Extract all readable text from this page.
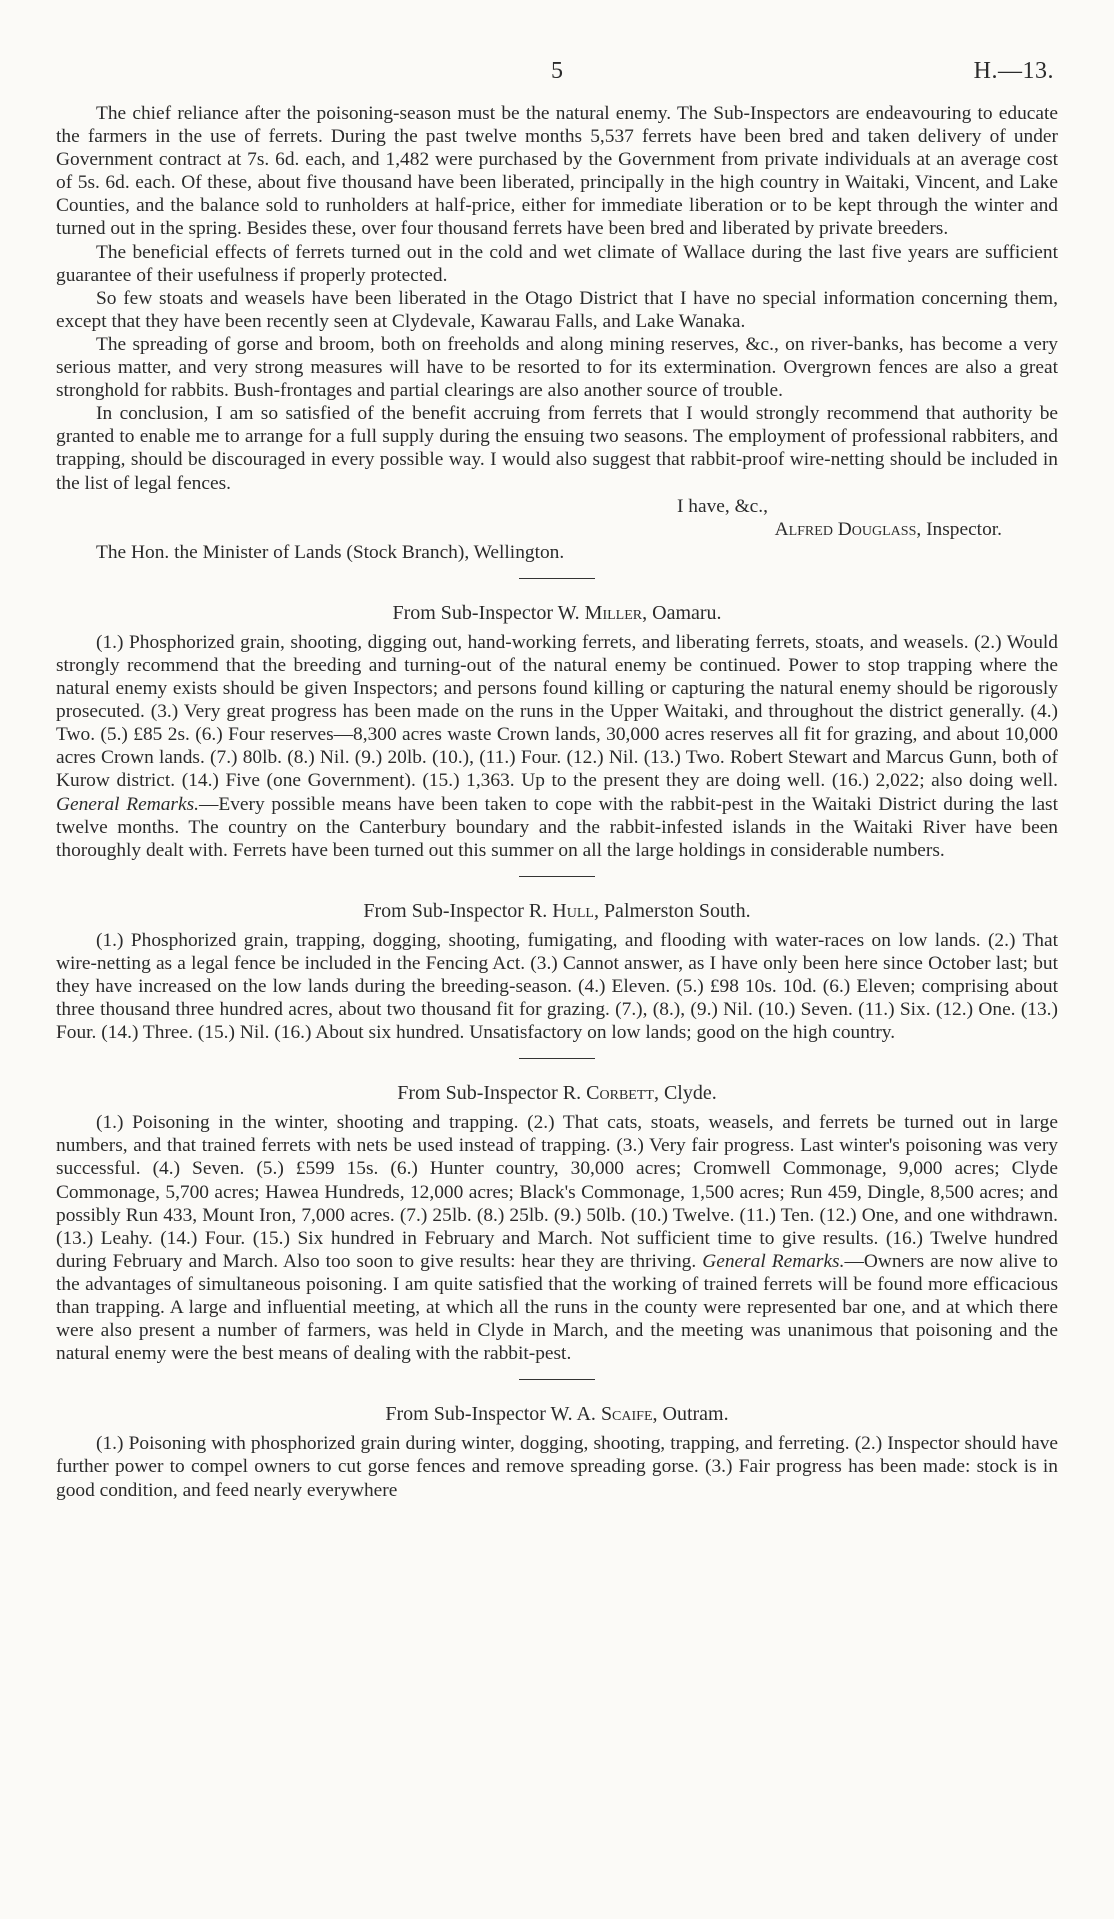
5	H.—13.

The chief reliance after the poisoning-season must be the natural enemy. The Sub-Inspectors are endeavouring to educate the farmers in the use of ferrets. During the past twelve months 5,537 ferrets have been bred and taken delivery of under Government contract at 7s. 6d. each, and 1,482 were purchased by the Government from private individuals at an average cost of 5s. 6d. each. Of these, about five thousand have been liberated, principally in the high country in Waitaki, Vincent, and Lake Counties, and the balance sold to runholders at half-price, either for immediate liberation or to be kept through the winter and turned out in the spring. Besides these, over four thousand ferrets have been bred and liberated by private breeders.

The beneficial effects of ferrets turned out in the cold and wet climate of Wallace during the last five years are sufficient guarantee of their usefulness if properly protected.

So few stoats and weasels have been liberated in the Otago District that I have no special information concerning them, except that they have been recently seen at Clydevale, Kawarau Falls, and Lake Wanaka.

The spreading of gorse and broom, both on freeholds and along mining reserves, &c., on river-banks, has become a very serious matter, and very strong measures will have to be resorted to for its extermination. Overgrown fences are also a great stronghold for rabbits. Bush-frontages and partial clearings are also another source of trouble.

In conclusion, I am so satisfied of the benefit accruing from ferrets that I would strongly recommend that authority be granted to enable me to arrange for a full supply during the ensuing two seasons. The employment of professional rabbiters, and trapping, should be discouraged in every possible way. I would also suggest that rabbit-proof wire-netting should be included in the list of legal fences.

I have, &c.,
Alfred Douglass, Inspector.

The Hon. the Minister of Lands (Stock Branch), Wellington.

From Sub-Inspector W. Miller, Oamaru.

(1.) Phosphorized grain, shooting, digging out, hand-working ferrets, and liberating ferrets, stoats, and weasels. (2.) Would strongly recommend that the breeding and turning-out of the natural enemy be continued. Power to stop trapping where the natural enemy exists should be given Inspectors; and persons found killing or capturing the natural enemy should be rigorously prosecuted. (3.) Very great progress has been made on the runs in the Upper Waitaki, and throughout the district generally. (4.) Two. (5.) £85 2s. (6.) Four reserves—8,300 acres waste Crown lands, 30,000 acres reserves all fit for grazing, and about 10,000 acres Crown lands. (7.) 80lb. (8.) Nil. (9.) 20lb. (10.), (11.) Four. (12.) Nil. (13.) Two. Robert Stewart and Marcus Gunn, both of Kurow district. (14.) Five (one Government). (15.) 1,363. Up to the present they are doing well. (16.) 2,022; also doing well. General Remarks.—Every possible means have been taken to cope with the rabbit-pest in the Waitaki District during the last twelve months. The country on the Canterbury boundary and the rabbit-infested islands in the Waitaki River have been thoroughly dealt with. Ferrets have been turned out this summer on all the large holdings in considerable numbers.

From Sub-Inspector R. Hull, Palmerston South.

(1.) Phosphorized grain, trapping, dogging, shooting, fumigating, and flooding with water-races on low lands. (2.) That wire-netting as a legal fence be included in the Fencing Act. (3.) Cannot answer, as I have only been here since October last; but they have increased on the low lands during the breeding-season. (4.) Eleven. (5.) £98 10s. 10d. (6.) Eleven; comprising about three thousand three hundred acres, about two thousand fit for grazing. (7.), (8.), (9.) Nil. (10.) Seven. (11.) Six. (12.) One. (13.) Four. (14.) Three. (15.) Nil. (16.) About six hundred. Unsatisfactory on low lands; good on the high country.

From Sub-Inspector R. Corbett, Clyde.

(1.) Poisoning in the winter, shooting and trapping. (2.) That cats, stoats, weasels, and ferrets be turned out in large numbers, and that trained ferrets with nets be used instead of trapping. (3.) Very fair progress. Last winter's poisoning was very successful. (4.) Seven. (5.) £599 15s. (6.) Hunter country, 30,000 acres; Cromwell Commonage, 9,000 acres; Clyde Commonage, 5,700 acres; Hawea Hundreds, 12,000 acres; Black's Commonage, 1,500 acres; Run 459, Dingle, 8,500 acres; and possibly Run 433, Mount Iron, 7,000 acres. (7.) 25lb. (8.) 25lb. (9.) 50lb. (10.) Twelve. (11.) Ten. (12.) One, and one withdrawn. (13.) Leahy. (14.) Four. (15.) Six hundred in February and March. Not sufficient time to give results. (16.) Twelve hundred during February and March. Also too soon to give results: hear they are thriving. General Remarks.—Owners are now alive to the advantages of simultaneous poisoning. I am quite satisfied that the working of trained ferrets will be found more efficacious than trapping. A large and influential meeting, at which all the runs in the county were represented bar one, and at which there were also present a number of farmers, was held in Clyde in March, and the meeting was unanimous that poisoning and the natural enemy were the best means of dealing with the rabbit-pest.

From Sub-Inspector W. A. Scaife, Outram.

(1.) Poisoning with phosphorized grain during winter, dogging, shooting, trapping, and ferreting. (2.) Inspector should have further power to compel owners to cut gorse fences and remove spreading gorse. (3.) Fair progress has been made: stock is in good condition, and feed nearly everywhere
